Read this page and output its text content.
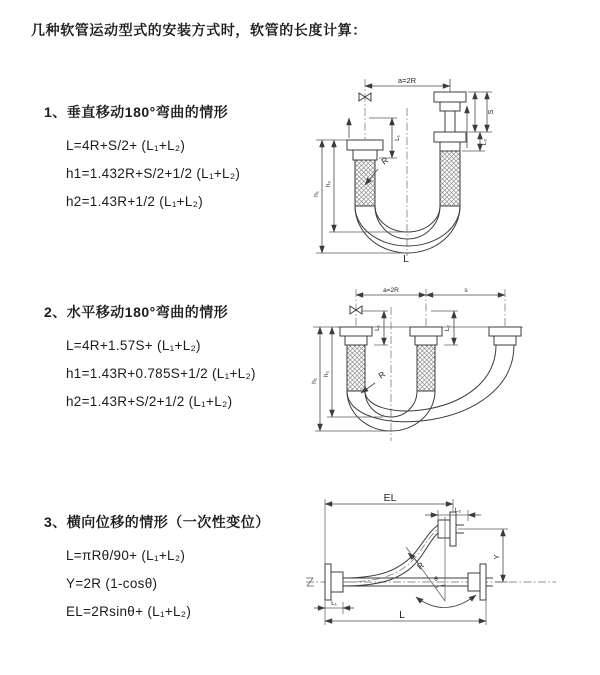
几种软管运动型式的安装方式时，软管的长度计算：
1、垂直移动180°弯曲的情形
L=4R+S/2+ (L₁+L₂)
h1=1.432R+S/2+1/2 (L₁+L₂)
h2=1.43R+1/2 (L₁+L₂)
2、水平移动180°弯曲的情形
L=4R+1.57S+ (L₁+L₂)
h1=1.43R+0.785S+1/2 (L₁+L₂)
h2=1.43R+S/2+1/2 (L₁+L₂)
3、横向位移的情形（一次性变位）
L=πRθ/90+ (L₁+L₂)
Y=2R (1-cosθ)
EL=2Rsinθ+ (L₁+L₂)
a=2R
L₁
S
L₂
h₁
h₂
R
L
a=2R	s
L₁	L₂
h₁
h₂	R
EL
L₂
Y
R
θ
L
L₁
